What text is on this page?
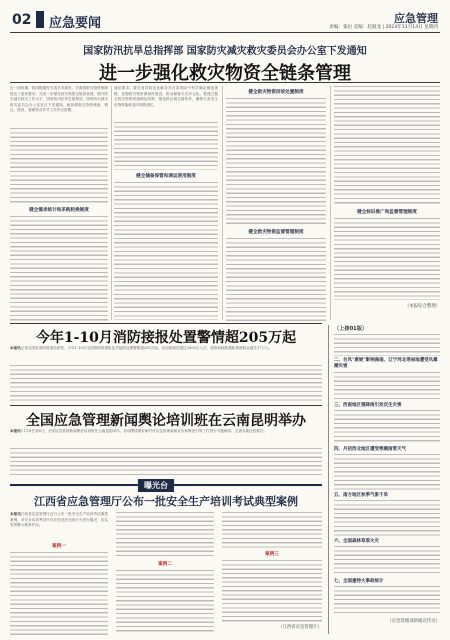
02 应急要闻	应急管理
责编：秦岩 美编：赵淑龙 | 2024年11月14日 星期四
国家防汛抗旱总指挥部 国家防灾减灾救灾委员会办公室下发通知
进一步强化救灾物资全链条管理
近一段时期，我国极端性灾害多发频发，对我国救灾物资保障提出了更高要求。为进一步强化救灾物资全链条管理，提升防灾减灾救灾工作水平，国家防汛抗旱总指挥部、国家防灾减灾救灾委员会办公室近日下发通知，就加强救灾物资储备、调运、使用、管理等各环节工作作出部署。
健全需求统计和采购轮换制度
通知要求，要在有效防范化解各类灾害风险中科学确定储备规模，加强救灾物资储备库建设，推动储备方式多元化。要建立健全救灾物资快速调运机制，强化跨区域支援协作，确保灾害发生后物资能够及时调拨到位。
健全储备保管和调运使用制度
健全救灾物资回收处置制度
健全救灾物资监督管理制度
健全标识推广和监督管理制度
（本报综合整理）
今年1-10月消防接报处置警情超205万起
本报讯记者从国家消防救援局获悉，今年1-10月全国消防救援队伍共接报处置警情超205万起，出动指战员超过2900万人次，营救和疏散遇险被困群众超过37万人。
全国应急管理新闻舆论培训班在云南昆明举办
本报讯11月6日至8日，全国应急管理新闻舆论培训班在云南昆明举办。培训围绕做好新时代应急管理新闻宣传和舆论引导工作进行专题辅导，交流各地经验做法。
曝光台
江西省应急管理厅公布一批安全生产培训考试典型案例
本报讯江西省应急管理厅近日公布一批安全生产培训考试典型案例，对安全培训考试中存在的违法违规行为进行曝光，切实发挥警示教育作用。
案例一
案例二
案例三
（江西省应急管理厅）
（上接01版）
二、台风"康妮"影响海南、辽宁河北等局地遭受风暴潮灾害
三、西南地区强降雨引发次生灾害
四、月初西北地区遭受寒潮雨雪天气
五、南方地区秋季气象干旱
六、全国森林草原火灾
七、全国重特大事故统计
（应急管理部新闻宣传司）
